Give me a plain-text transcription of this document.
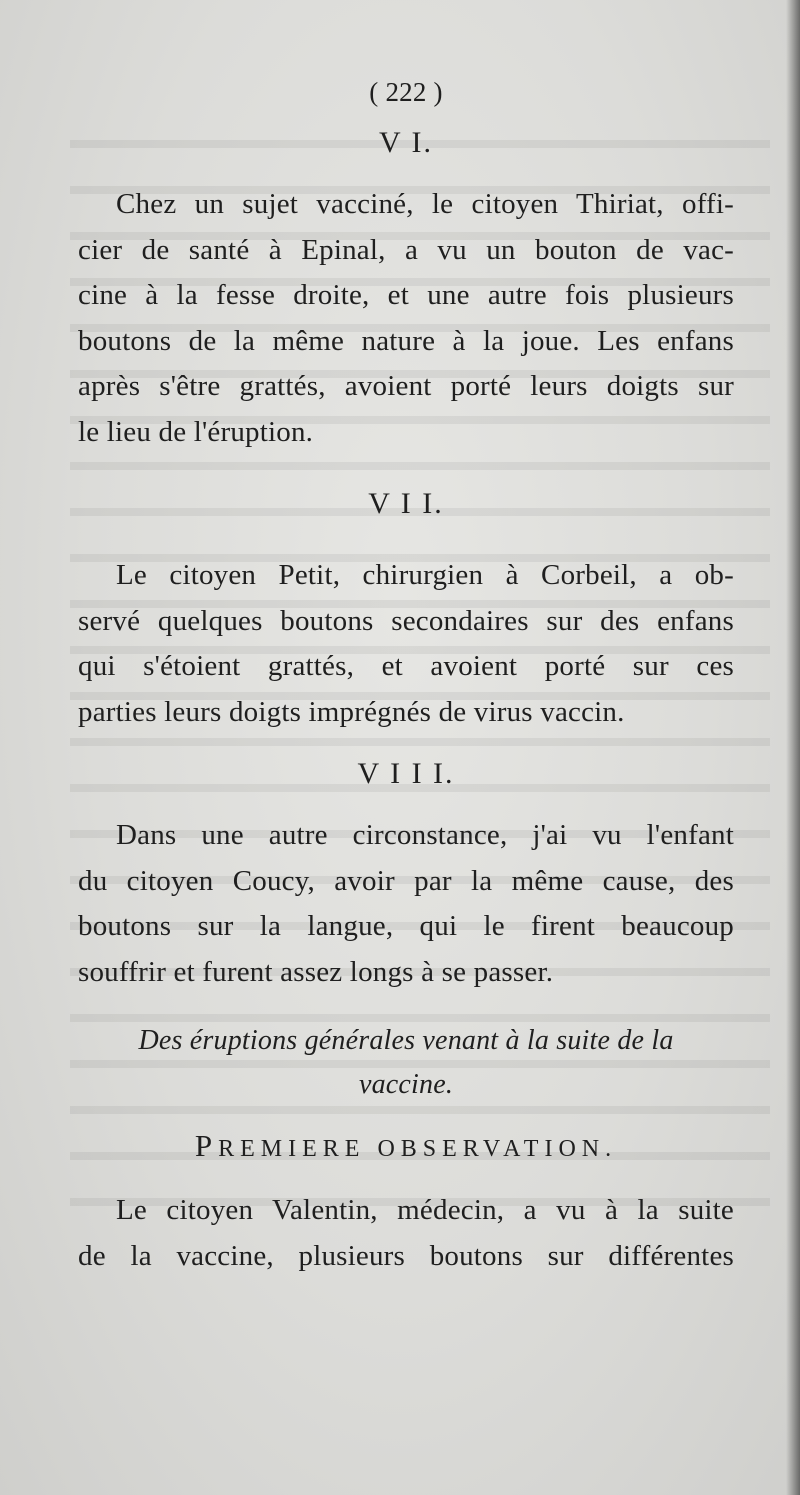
( 222 )

V I.

Chez un sujet vacciné, le citoyen Thiriat, offi-
cier de santé à Epinal, a vu un bouton de vac-
cine à la fesse droite, et une autre fois plusieurs
boutons de la même nature à la joue. Les enfans
après s'être grattés, avoient porté leurs doigts sur
le lieu de l'éruption.

V I I.

Le citoyen Petit, chirurgien à Corbeil, a ob-
servé quelques boutons secondaires sur des enfans
qui s'étoient grattés, et avoient porté sur ces
parties leurs doigts imprégnés de virus vaccin.

V I I I.

Dans une autre circonstance, j'ai vu l'enfant
du citoyen Coucy, avoir par la même cause, des
boutons sur la langue, qui le firent beaucoup
souffrir et furent assez longs à se passer.

Des éruptions générales venant à la suite de la

vaccine.

PREMIERE OBSERVATION.

Le citoyen Valentin, médecin, a vu à la suite
de la vaccine, plusieurs boutons sur différentes
